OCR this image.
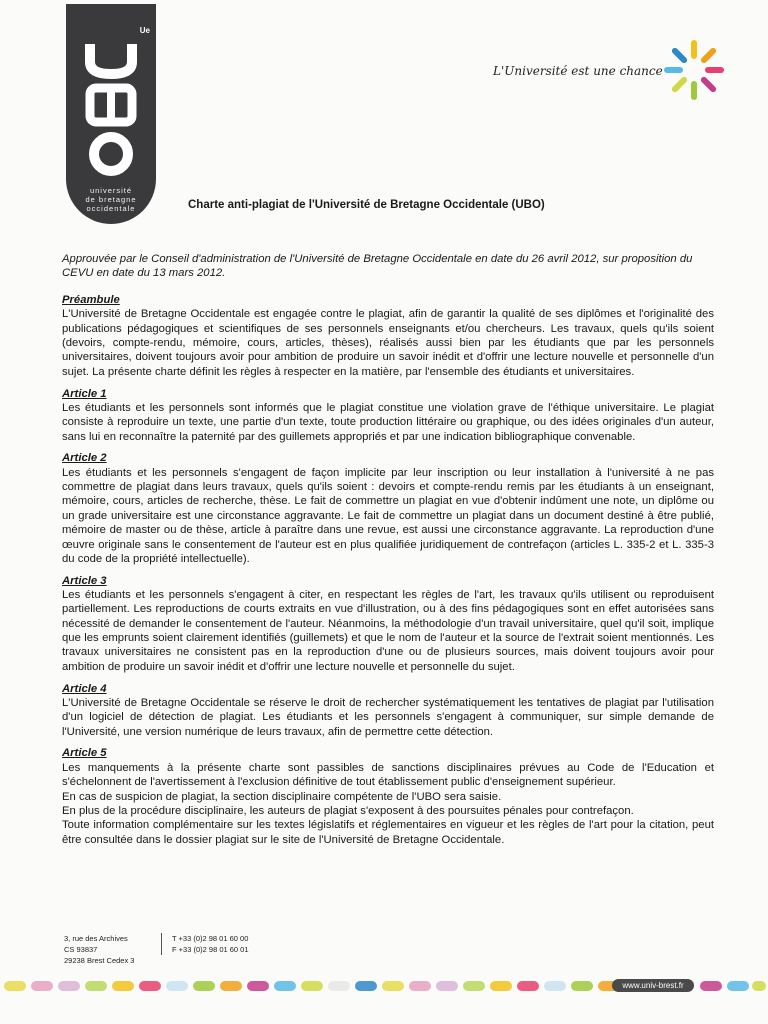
Ue
université
de bretagne
occidentale
L'Université est une chance
Charte anti-plagiat de l'Université de Bretagne Occidentale (UBO)

Approuvée par le Conseil d'administration de l'Université de Bretagne Occidentale en date du 26 avril 2012, sur proposition du CEVU en date du 13 mars 2012.

Préambule

L'Université de Bretagne Occidentale est engagée contre le plagiat, afin de garantir la qualité de ses diplômes et l'originalité des publications pédagogiques et scientifiques de ses personnels enseignants et/ou chercheurs. Les travaux, quels qu'ils soient (devoirs, compte-rendu, mémoire, cours, articles, thèses), réalisés aussi bien par les étudiants que par les personnels universitaires, doivent toujours avoir pour ambition de produire un savoir inédit et d'offrir une lecture nouvelle et personnelle d'un sujet. La présente charte définit les règles à respecter en la matière, par l'ensemble des étudiants et universitaires.

Article 1

Les étudiants et les personnels sont informés que le plagiat constitue une violation grave de l'éthique universitaire. Le plagiat consiste à reproduire un texte, une partie d'un texte, toute production littéraire ou graphique, ou des idées originales d'un auteur, sans lui en reconnaître la paternité par des guillemets appropriés et par une indication bibliographique convenable.

Article 2

Les étudiants et les personnels s'engagent de façon implicite par leur inscription ou leur installation à l'université à ne pas commettre de plagiat dans leurs travaux, quels qu'ils soient : devoirs et compte-rendu remis par les étudiants à un enseignant, mémoire, cours, articles de recherche, thèse. Le fait de commettre un plagiat en vue d'obtenir indûment une note, un diplôme ou un grade universitaire est une circonstance aggravante. Le fait de commettre un plagiat dans un document destiné à être publié, mémoire de master ou de thèse, article à paraître dans une revue, est aussi une circonstance aggravante. La reproduction d'une œuvre originale sans le consentement de l'auteur est en plus qualifiée juridiquement de contrefaçon (articles L. 335-2 et L. 335-3 du code de la propriété intellectuelle).

Article 3

Les étudiants et les personnels s'engagent à citer, en respectant les règles de l'art, les travaux qu'ils utilisent ou reproduisent partiellement. Les reproductions de courts extraits en vue d'illustration, ou à des fins pédagogiques sont en effet autorisées sans nécessité de demander le consentement de l'auteur. Néanmoins, la méthodologie d'un travail universitaire, quel qu'il soit, implique que les emprunts soient clairement identifiés (guillemets) et que le nom de l'auteur et la source de l'extrait soient mentionnés. Les travaux universitaires ne consistent pas en la reproduction d'une ou de plusieurs sources, mais doivent toujours avoir pour ambition de produire un savoir inédit et d'offrir une lecture nouvelle et personnelle du sujet.

Article 4

L'Université de Bretagne Occidentale se réserve le droit de rechercher systématiquement les tentatives de plagiat par l'utilisation d'un logiciel de détection de plagiat. Les étudiants et les personnels s'engagent à communiquer, sur simple demande de l'Université, une version numérique de leurs travaux, afin de permettre cette détection.

Article 5

Les manquements à la présente charte sont passibles de sanctions disciplinaires prévues au Code de l'Education et s'échelonnent de l'avertissement à l'exclusion définitive de tout établissement public d'enseignement supérieur.

En cas de suspicion de plagiat, la section disciplinaire compétente de l'UBO sera saisie.

En plus de la procédure disciplinaire, les auteurs de plagiat s'exposent à des poursuites pénales pour contrefaçon.

Toute information complémentaire sur les textes législatifs et réglementaires en vigueur et les règles de l'art pour la citation, peut être consultée dans le dossier plagiat sur le site de l'Université de Bretagne Occidentale.

3, rue des Archives
CS 93837
29238 Brest Cedex 3
T +33 (0)2 98 01 60 00
F +33 (0)2 98 01 60 01
www.univ-brest.fr
